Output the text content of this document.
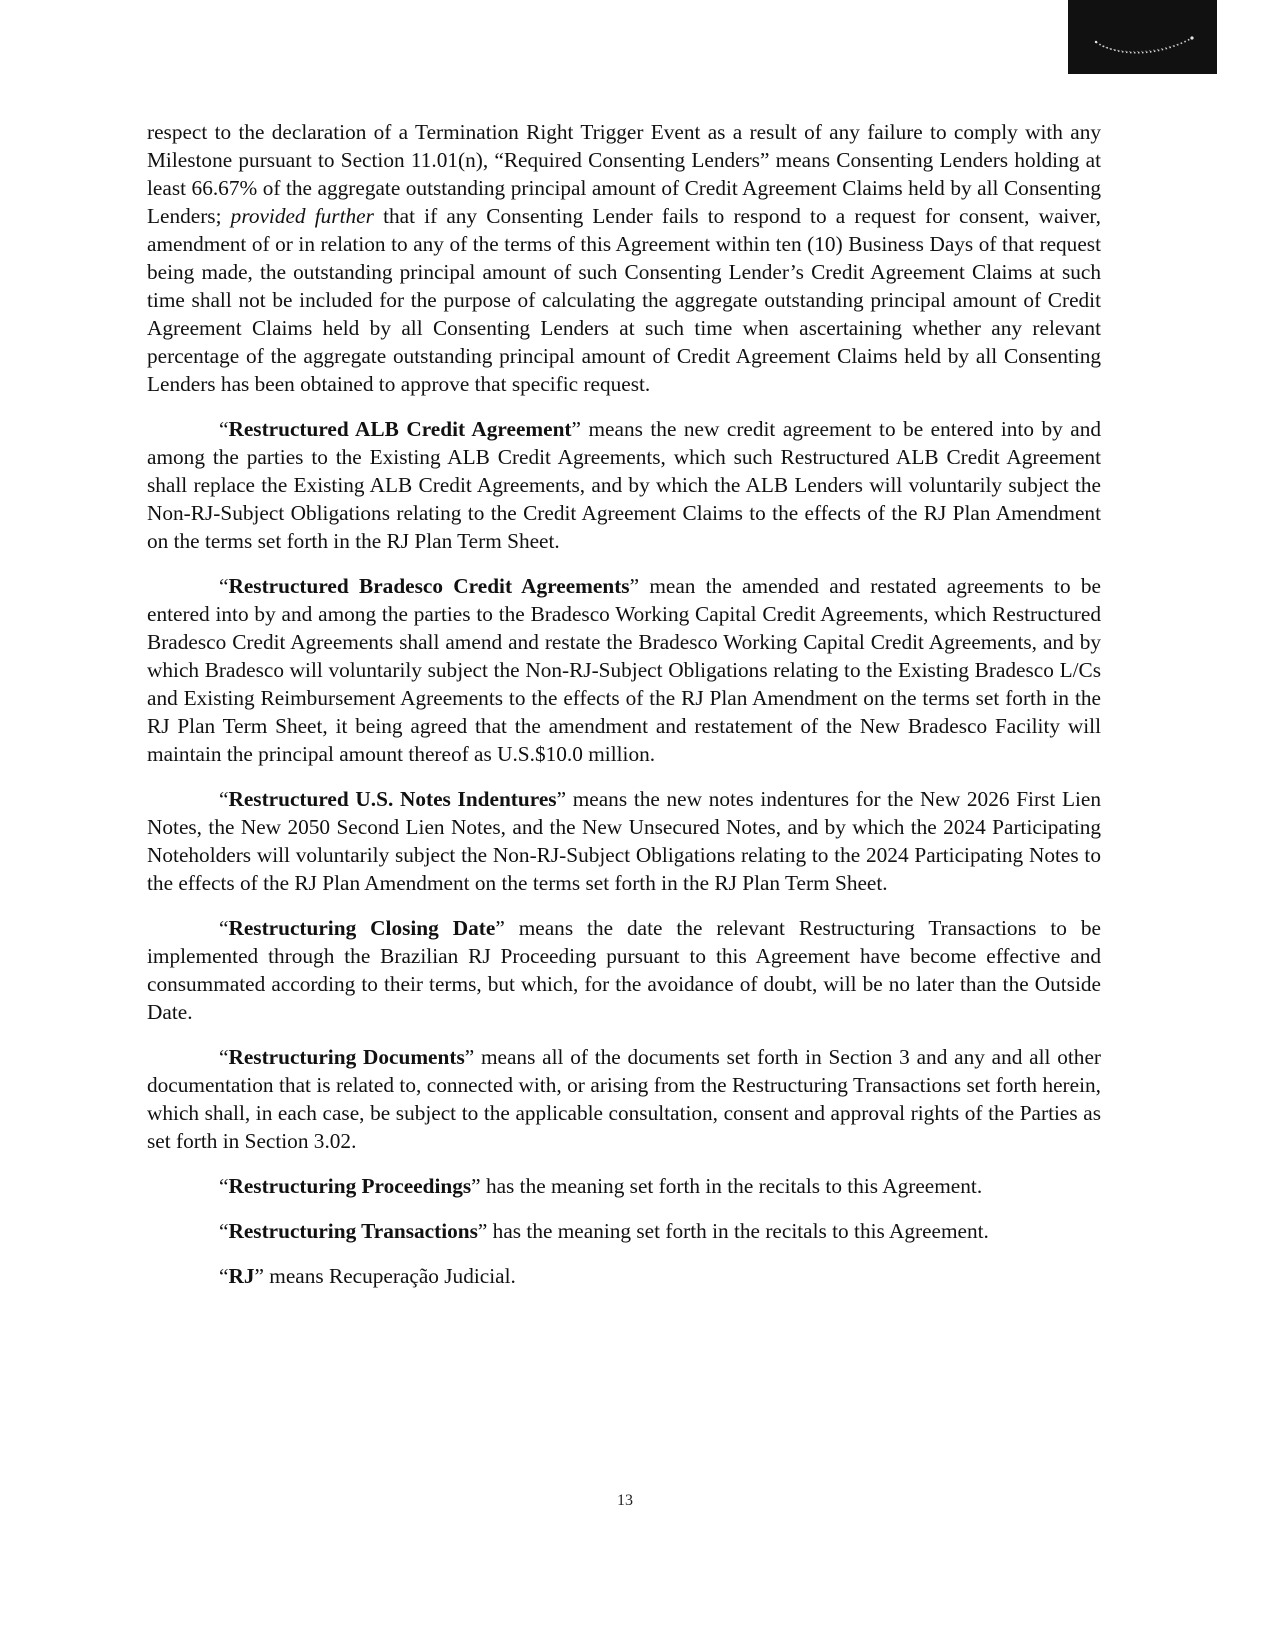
respect to the declaration of a Termination Right Trigger Event as a result of any failure to comply with any Milestone pursuant to Section 11.01(n), “Required Consenting Lenders” means Consenting Lenders holding at least 66.67% of the aggregate outstanding principal amount of Credit Agreement Claims held by all Consenting Lenders; provided further that if any Consenting Lender fails to respond to a request for consent, waiver, amendment of or in relation to any of the terms of this Agreement within ten (10) Business Days of that request being made, the outstanding principal amount of such Consenting Lender’s Credit Agreement Claims at such time shall not be included for the purpose of calculating the aggregate outstanding principal amount of Credit Agreement Claims held by all Consenting Lenders at such time when ascertaining whether any relevant percentage of the aggregate outstanding principal amount of Credit Agreement Claims held by all Consenting Lenders has been obtained to approve that specific request.

“Restructured ALB Credit Agreement” means the new credit agreement to be entered into by and among the parties to the Existing ALB Credit Agreements, which such Restructured ALB Credit Agreement shall replace the Existing ALB Credit Agreements, and by which the ALB Lenders will voluntarily subject the Non-RJ-Subject Obligations relating to the Credit Agreement Claims to the effects of the RJ Plan Amendment on the terms set forth in the RJ Plan Term Sheet.

“Restructured Bradesco Credit Agreements” mean the amended and restated agreements to be entered into by and among the parties to the Bradesco Working Capital Credit Agreements, which Restructured Bradesco Credit Agreements shall amend and restate the Bradesco Working Capital Credit Agreements, and by which Bradesco will voluntarily subject the Non-RJ-Subject Obligations relating to the Existing Bradesco L/Cs and Existing Reimbursement Agreements to the effects of the RJ Plan Amendment on the terms set forth in the RJ Plan Term Sheet, it being agreed that the amendment and restatement of the New Bradesco Facility will maintain the principal amount thereof as U.S.$10.0 million.

“Restructured U.S. Notes Indentures” means the new notes indentures for the New 2026 First Lien Notes, the New 2050 Second Lien Notes, and the New Unsecured Notes, and by which the 2024 Participating Noteholders will voluntarily subject the Non-RJ-Subject Obligations relating to the 2024 Participating Notes to the effects of the RJ Plan Amendment on the terms set forth in the RJ Plan Term Sheet.

“Restructuring Closing Date” means the date the relevant Restructuring Transactions to be implemented through the Brazilian RJ Proceeding pursuant to this Agreement have become effective and consummated according to their terms, but which, for the avoidance of doubt, will be no later than the Outside Date.

“Restructuring Documents” means all of the documents set forth in Section 3 and any and all other documentation that is related to, connected with, or arising from the Restructuring Transactions set forth herein, which shall, in each case, be subject to the applicable consultation, consent and approval rights of the Parties as set forth in Section 3.02.

“Restructuring Proceedings” has the meaning set forth in the recitals to this Agreement.

“Restructuring Transactions” has the meaning set forth in the recitals to this Agreement.

“RJ” means Recuperação Judicial.

13
